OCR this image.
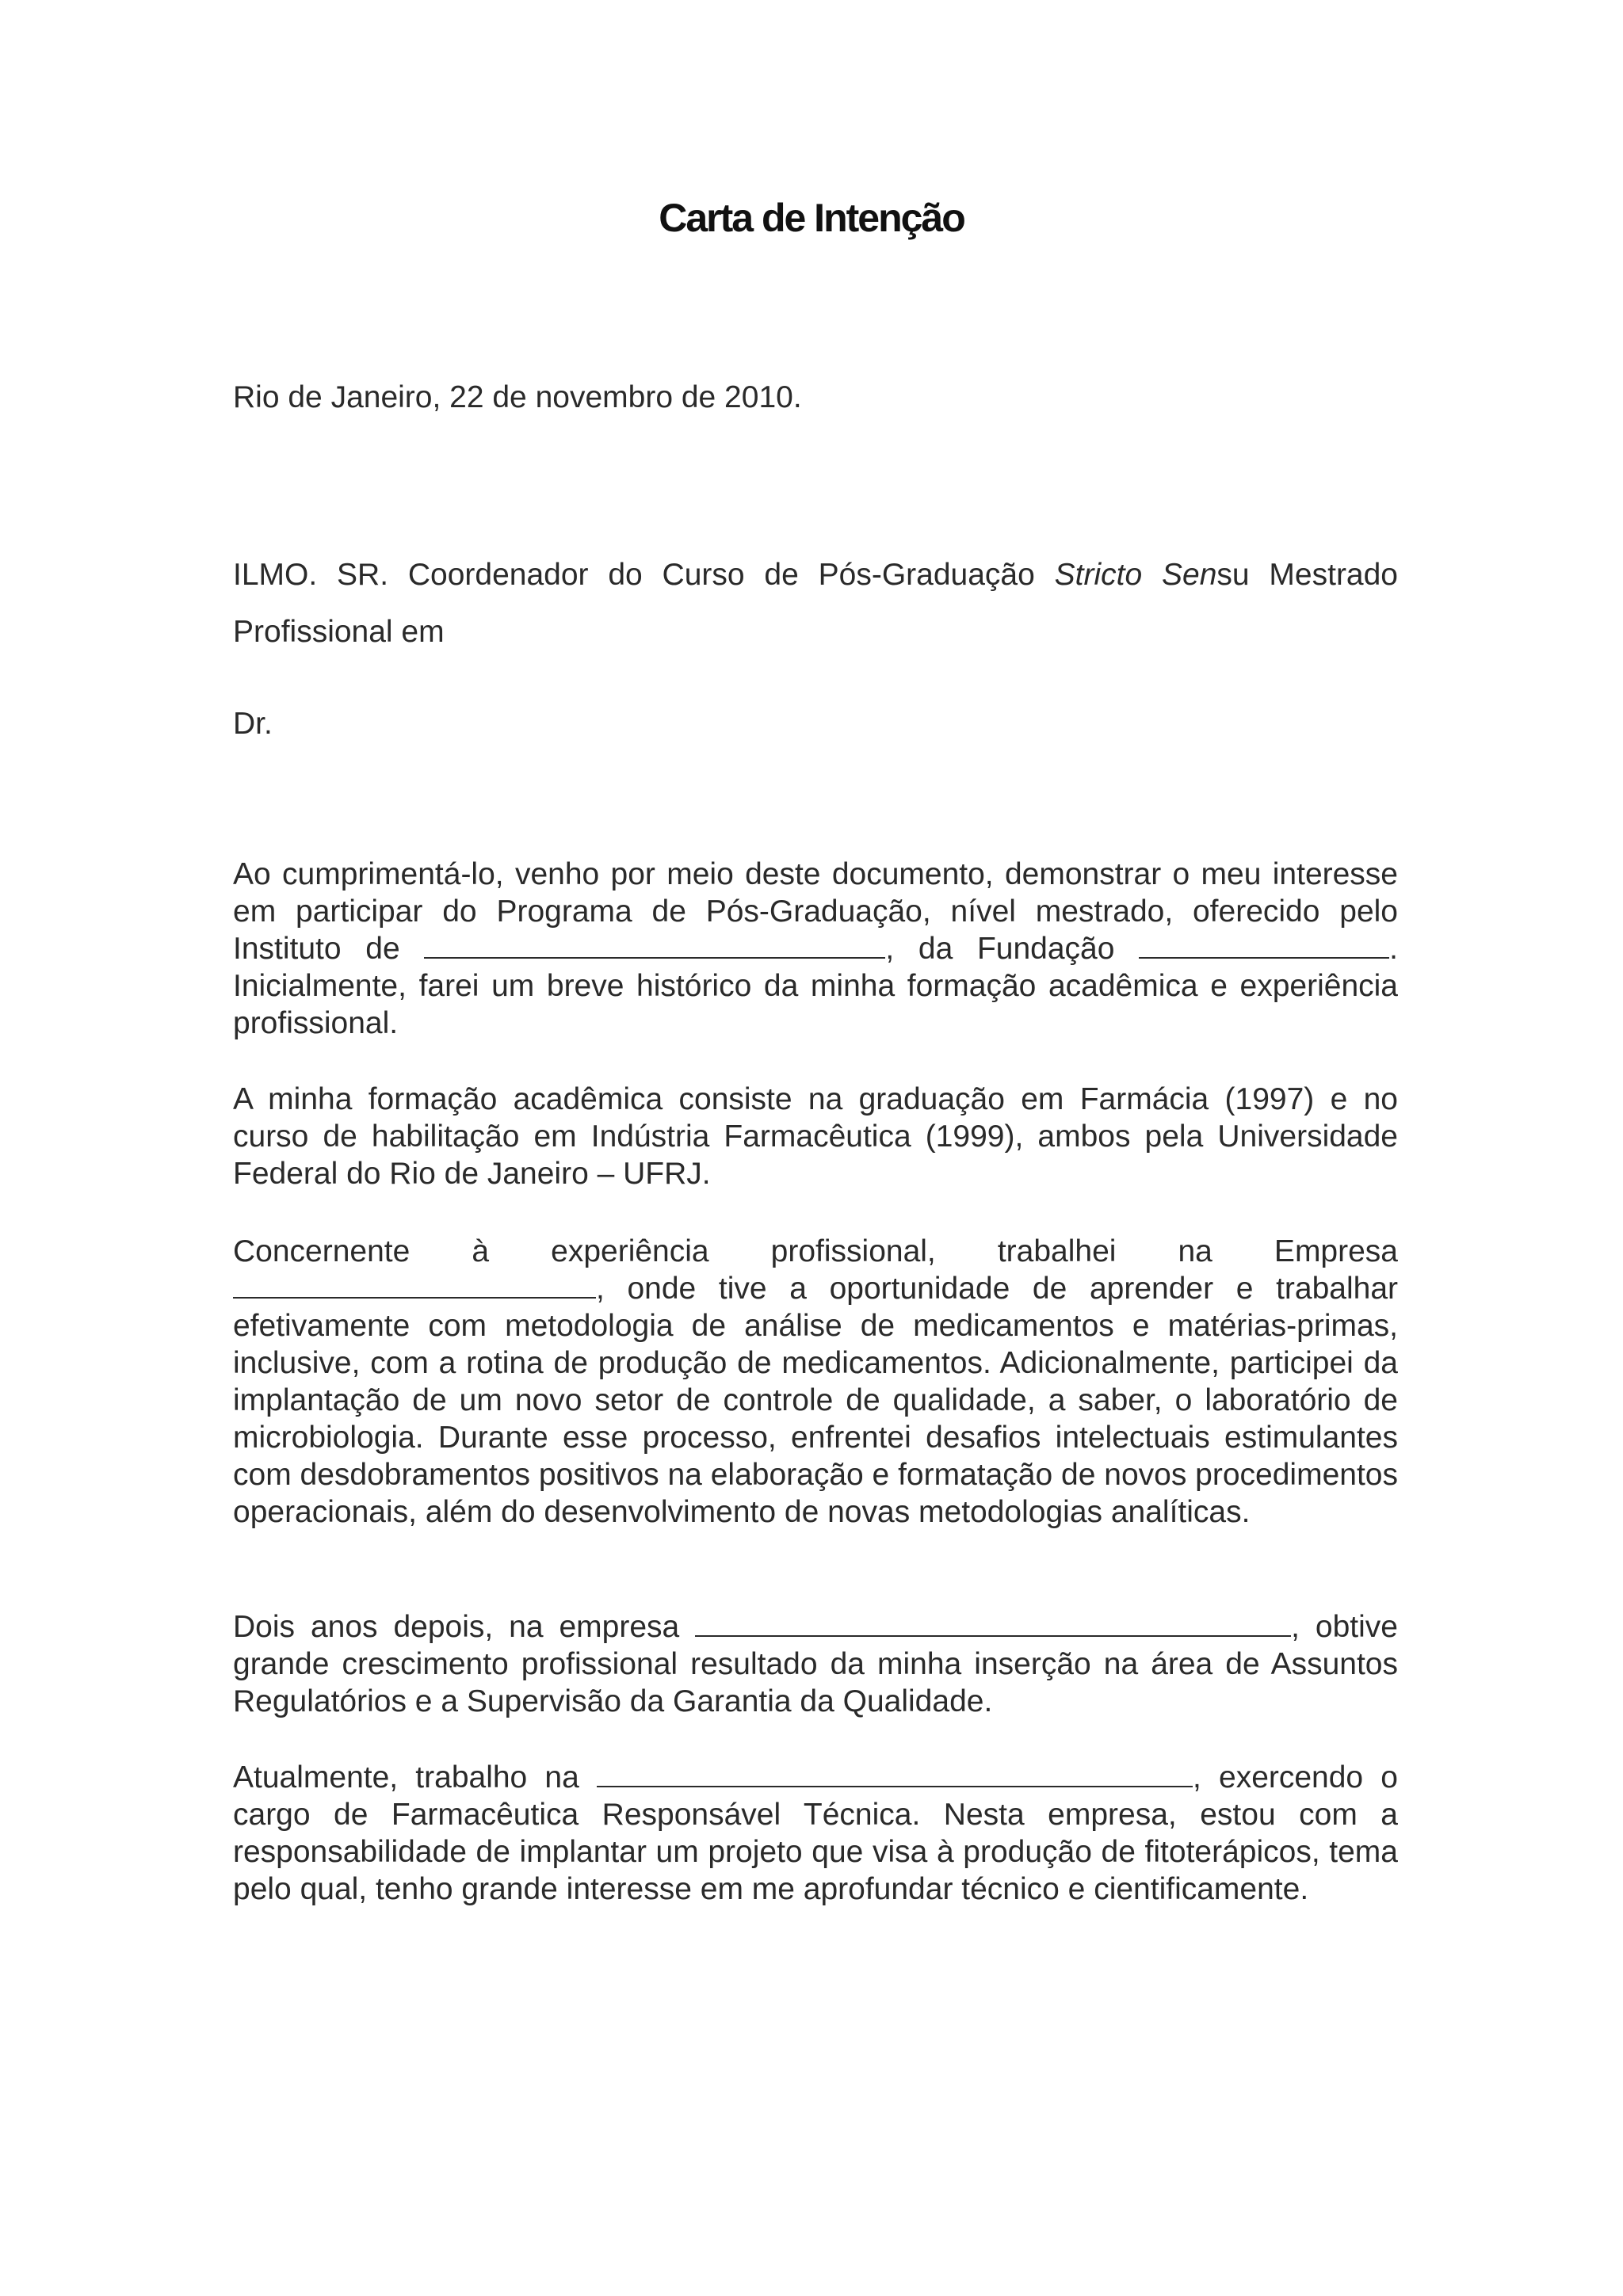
Carta de Intenção

Rio de Janeiro, 22 de novembro de 2010.

ILMO. SR. Coordenador do Curso de Pós-Graduação Stricto Sensu Mestrado Profissional em

Dr.

Ao cumprimentá-lo, venho por meio deste documento, demonstrar o meu interesse em participar do Programa de Pós-Graduação, nível mestrado, oferecido pelo Instituto de	, da Fundação	. Inicialmente, farei um breve histórico da minha formação acadêmica e experiência profissional.

A minha formação acadêmica consiste na graduação em Farmácia (1997) e no curso de habilitação em Indústria Farmacêutica (1999), ambos pela Universidade Federal do Rio de Janeiro – UFRJ.

Concernente à experiência profissional, trabalhei na Empresa , onde tive a oportunidade de aprender e trabalhar efetivamente com metodologia de análise de medicamentos e matérias-primas, inclusive, com a rotina de produção de medicamentos. Adicionalmente, participei da implantação de um novo setor de controle de qualidade, a saber, o laboratório de microbiologia. Durante esse processo, enfrentei desafios intelectuais estimulantes com desdobramentos positivos na elaboração e formatação de novos procedimentos operacionais, além do desenvolvimento de novas metodologias analíticas.

Dois anos depois, na empresa	, obtive grande crescimento profissional resultado da minha inserção na área de Assuntos Regulatórios e a Supervisão da Garantia da Qualidade.

Atualmente, trabalho na	, exercendo o cargo de Farmacêutica Responsável Técnica. Nesta empresa, estou com a responsabilidade de implantar um projeto que visa à produção de fitoterápicos, tema pelo qual, tenho grande interesse em me aprofundar técnico e cientificamente.
